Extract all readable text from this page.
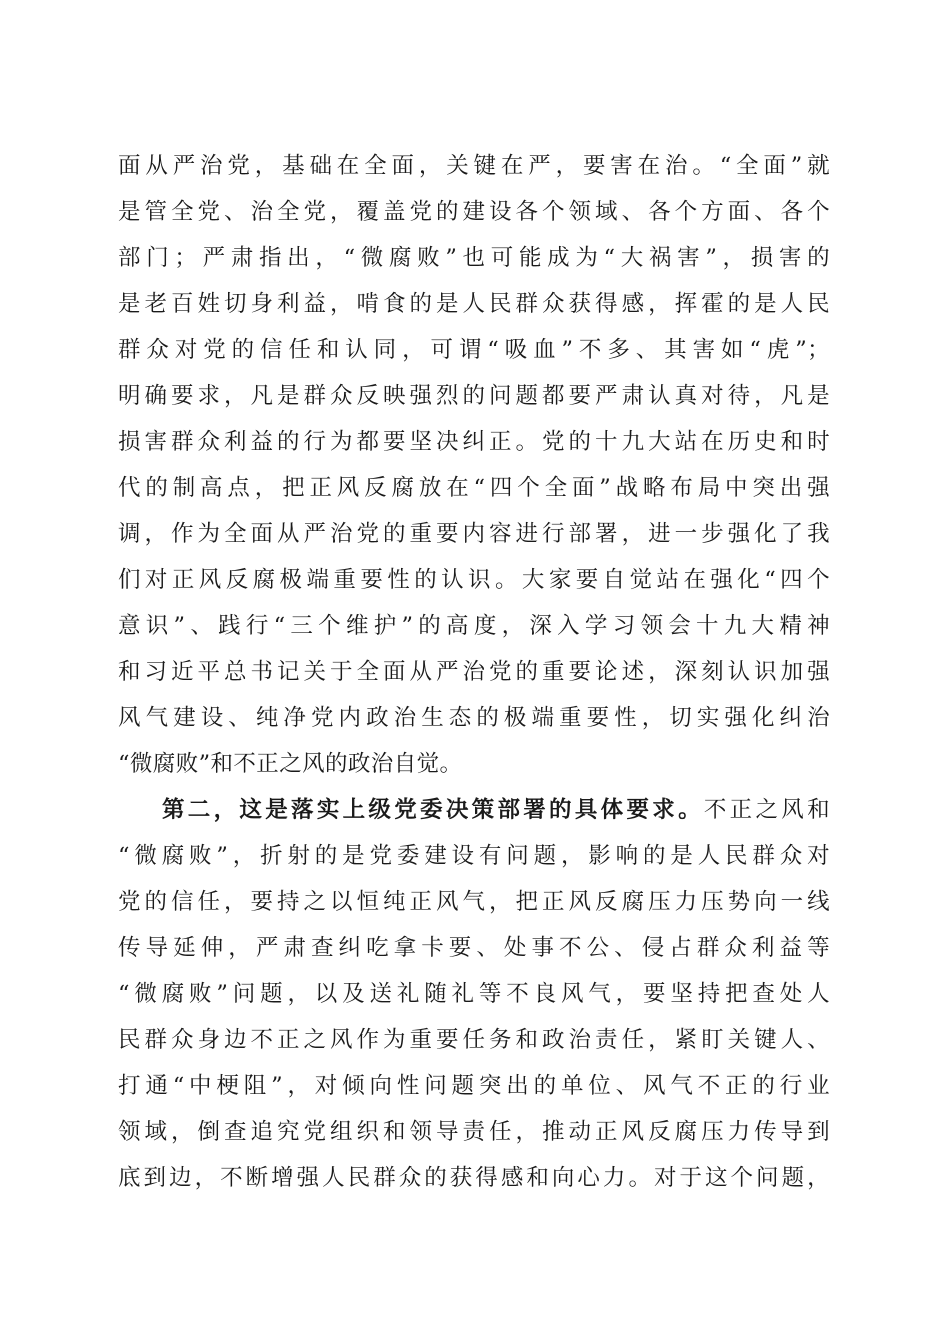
面从严治党，基础在全面，关键在严，要害在治。“全面”就
是管全党、治全党，覆盖党的建设各个领域、各个方面、各个
部门；严肃指出，“微腐败”也可能成为“大祸害”，损害的
是老百姓切身利益，啃食的是人民群众获得感，挥霍的是人民
群众对党的信任和认同，可谓“吸血”不多、其害如“虎”；
明确要求，凡是群众反映强烈的问题都要严肃认真对待，凡是
损害群众利益的行为都要坚决纠正。党的十九大站在历史和时
代的制高点，把正风反腐放在“四个全面”战略布局中突出强
调，作为全面从严治党的重要内容进行部署，进一步强化了我
们对正风反腐极端重要性的认识。大家要自觉站在强化“四个
意识”、践行“三个维护”的高度，深入学习领会十九大精神
和习近平总书记关于全面从严治党的重要论述，深刻认识加强
风气建设、纯净党内政治生态的极端重要性，切实强化纠治
“微腐败”和不正之风的政治自觉。
第二，这是落实上级党委决策部署的具体要求。不正之风和
“微腐败”，折射的是党委建设有问题，影响的是人民群众对
党的信任，要持之以恒纯正风气，把正风反腐压力压势向一线
传导延伸，严肃查纠吃拿卡要、处事不公、侵占群众利益等
“微腐败”问题，以及送礼随礼等不良风气，要坚持把查处人
民群众身边不正之风作为重要任务和政治责任，紧盯关键人、
打通“中梗阻”，对倾向性问题突出的单位、风气不正的行业
领域，倒查追究党组织和领导责任，推动正风反腐压力传导到
底到边，不断增强人民群众的获得感和向心力。对于这个问题，
